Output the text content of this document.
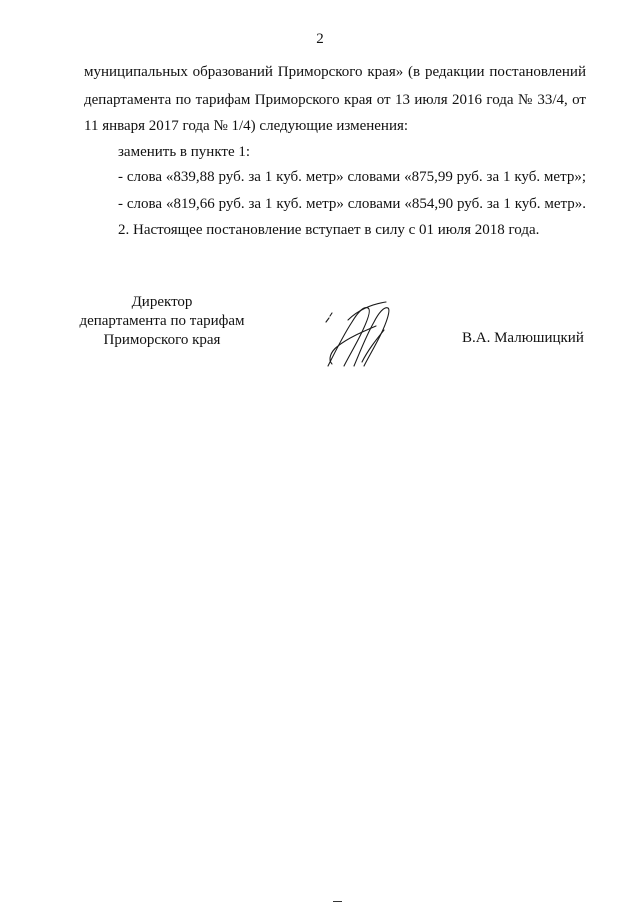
2

муниципальных образований Приморского края» (в редакции постановлений

департамента по тарифам Приморского края от 13 июля 2016 года № 33/4, от

11 января 2017 года № 1/4) следующие изменения:

заменить в пункте 1:

- слова «839,88 руб. за 1 куб. метр» словами «875,99 руб. за 1 куб. метр»;

- слова «819,66 руб. за 1 куб. метр» словами «854,90 руб. за 1 куб. метр».

2. Настоящее постановление вступает в силу с 01 июля 2018 года.

Директор
департамента по тарифам
Приморского края	В.А. Малюшицкий
